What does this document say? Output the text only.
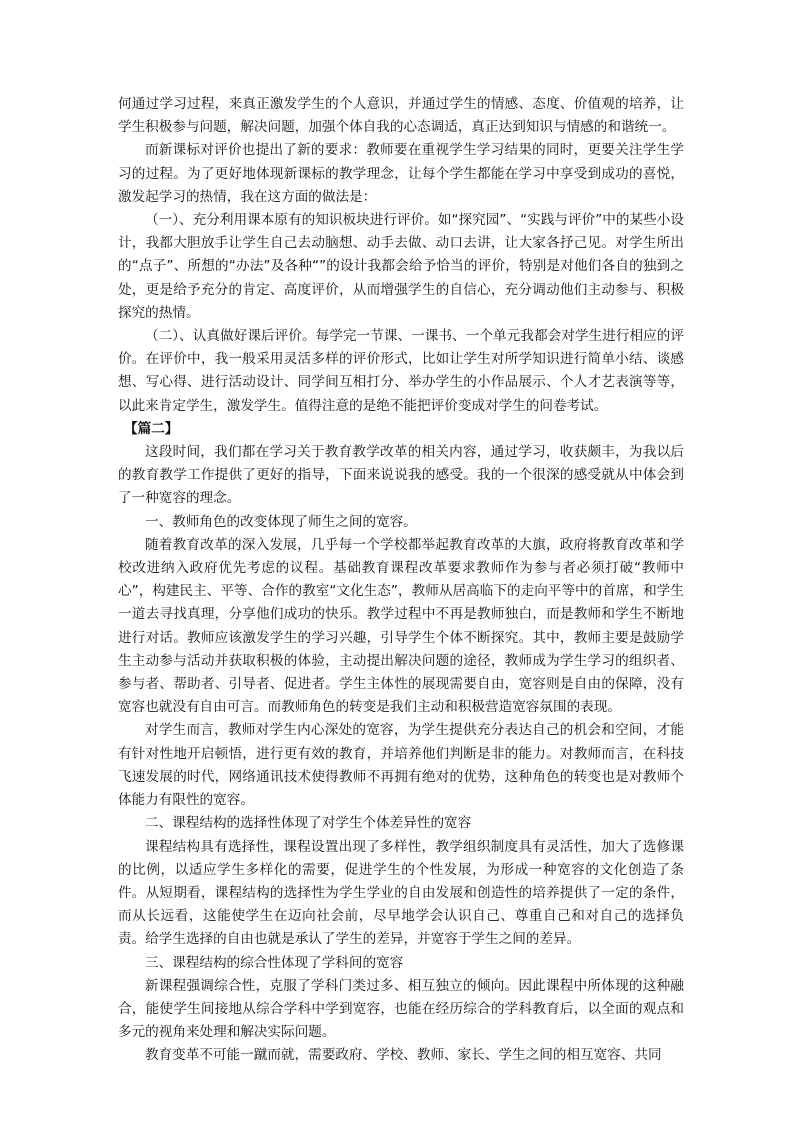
何通过学习过程，来真正激发学生的个人意识，并通过学生的情感、态度、价值观的培养，让学生积极参与问题，解决问题，加强个体自我的心态调适，真正达到知识与情感的和谐统一。

而新课标对评价也提出了新的要求：教师要在重视学生学习结果的同时，更要关注学生学习的过程。为了更好地体现新课标的教学理念，让每个学生都能在学习中享受到成功的喜悦，激发起学习的热情，我在这方面的做法是：

（一）、充分利用课本原有的知识板块进行评价。如“探究园”、“实践与评价”中的某些小设计，我都大胆放手让学生自己去动脑想、动手去做、动口去讲，让大家各抒己见。对学生所出的“点子”、所想的“办法”及各种“”的设计我都会给予恰当的评价，特别是对他们各自的独到之处，更是给予充分的肯定、高度评价，从而增强学生的自信心，充分调动他们主动参与、积极探究的热情。

（二）、认真做好课后评价。每学完一节课、一课书、一个单元我都会对学生进行相应的评价。在评价中，我一般采用灵活多样的评价形式，比如让学生对所学知识进行简单小结、谈感想、写心得、进行活动设计、同学间互相打分、举办学生的小作品展示、个人才艺表演等等，以此来肯定学生，激发学生。值得注意的是绝不能把评价变成对学生的问卷考试。

【篇二】

这段时间，我们都在学习关于教育教学改革的相关内容，通过学习，收获颇丰，为我以后的教育教学工作提供了更好的指导，下面来说说我的感受。我的一个很深的感受就从中体会到了一种宽容的理念。

一、教师角色的改变体现了师生之间的宽容。

随着教育改革的深入发展，几乎每一个学校都举起教育改革的大旗，政府将教育改革和学校改进纳入政府优先考虑的议程。基础教育课程改革要求教师作为参与者必须打破“教师中心”，构建民主、平等、合作的教室“文化生态”，教师从居高临下的走向平等中的首席，和学生一道去寻找真理，分享他们成功的快乐。教学过程中不再是教师独白，而是教师和学生不断地进行对话。教师应该激发学生的学习兴趣，引导学生个体不断探究。其中，教师主要是鼓励学生主动参与活动并获取积极的体验，主动提出解决问题的途径，教师成为学生学习的组织者、参与者、帮助者、引导者、促进者。学生主体性的展现需要自由，宽容则是自由的保障，没有宽容也就没有自由可言。而教师角色的转变是我们主动和积极营造宽容氛围的表现。

对学生而言，教师对学生内心深处的宽容，为学生提供充分表达自己的机会和空间，才能有针对性地开启顿悟，进行更有效的教育，并培养他们判断是非的能力。对教师而言，在科技飞速发展的时代，网络通讯技术使得教师不再拥有绝对的优势，这种角色的转变也是对教师个体能力有限性的宽容。

二、课程结构的选择性体现了对学生个体差异性的宽容

课程结构具有选择性，课程设置出现了多样性，教学组织制度具有灵活性，加大了选修课的比例，以适应学生多样化的需要，促进学生的个性发展，为形成一种宽容的文化创造了条件。从短期看，课程结构的选择性为学生学业的自由发展和创造性的培养提供了一定的条件，而从长远看，这能使学生在迈向社会前，尽早地学会认识自己、尊重自己和对自己的选择负责。给学生选择的自由也就是承认了学生的差异，并宽容于学生之间的差异。

三、课程结构的综合性体现了学科间的宽容

新课程强调综合性，克服了学科门类过多、相互独立的倾向。因此课程中所体现的这种融合，能使学生间接地从综合学科中学到宽容，也能在经历综合的学科教育后，以全面的观点和多元的视角来处理和解决实际问题。

教育变革不可能一蹴而就，需要政府、学校、教师、家长、学生之间的相互宽容、共同
